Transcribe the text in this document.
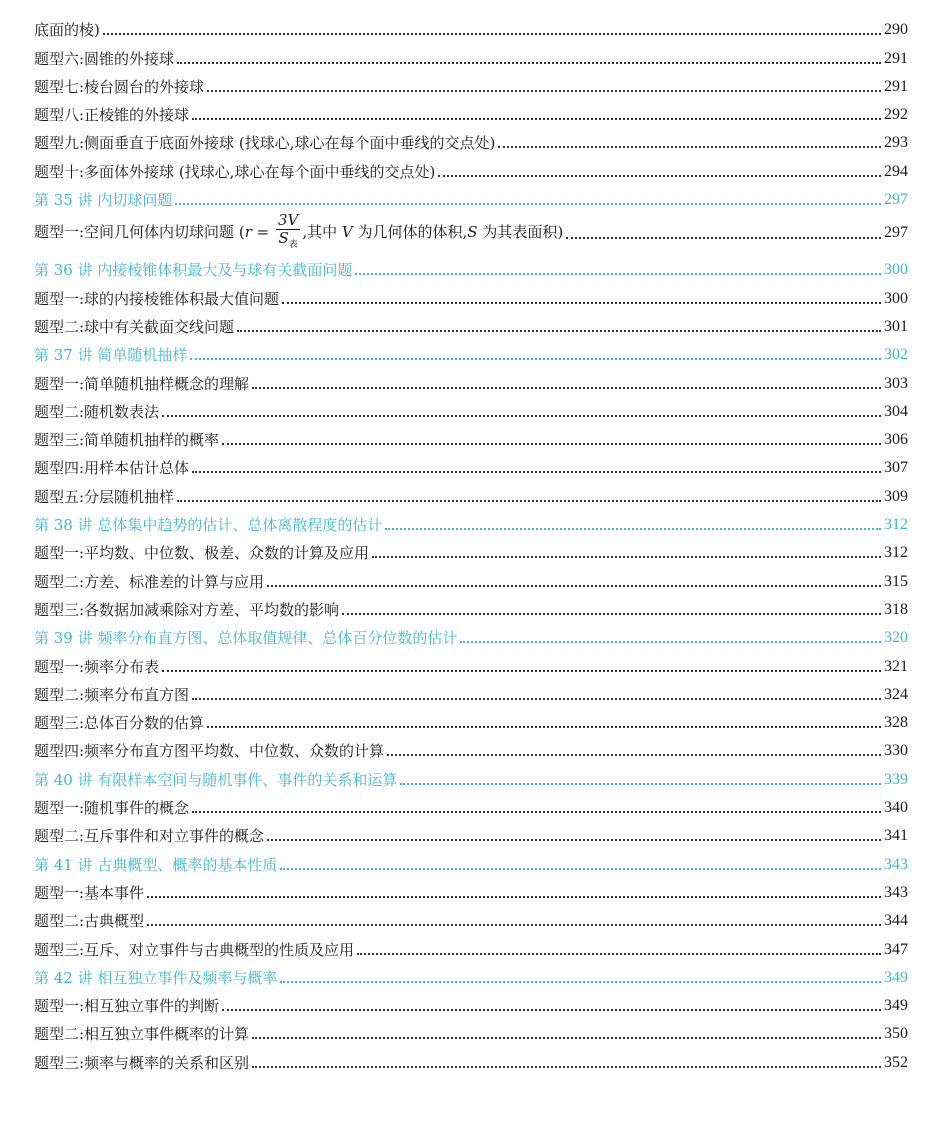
底面的棱)	290
题型六:圆锥的外接球	291
题型七:棱台圆台的外接球	291
题型八:正棱锥的外接球	292
题型九:侧面垂直于底面外接球 (找球心,球心在每个面中垂线的交点处)	293
题型十:多面体外接球 (找球心,球心在每个面中垂线的交点处)	294
第 35 讲 内切球问题	297
题型一:空间几何体内切球问题 ($r = \frac{3V}{S_表}$ ,其中 V 为几何体的体积,S 为其表面积)	297
第 36 讲 内接棱锥体积最大及与球有关截面问题	300
题型一:球的内接棱锥体积最大值问题	300
题型二:球中有关截面交线问题	301
第 37 讲 简单随机抽样	302
题型一:简单随机抽样概念的理解	303
题型二:随机数表法	304
题型三:简单随机抽样的概率	306
题型四:用样本估计总体	307
题型五:分层随机抽样	309
第 38 讲 总体集中趋势的估计、总体离散程度的估计	312
题型一:平均数、中位数、极差、众数的计算及应用	312
题型二:方差、标准差的计算与应用	315
题型三:各数据加减乘除对方差、平均数的影响	318
第 39 讲 频率分布直方图、总体取值规律、总体百分位数的估计	320
题型一:频率分布表	321
题型二:频率分布直方图	324
题型三:总体百分数的估算	328
题型四:频率分布直方图平均数、中位数、众数的计算	330
第 40 讲 有限样本空间与随机事件、事件的关系和运算	339
题型一:随机事件的概念	340
题型二:互斥事件和对立事件的概念	341
第 41 讲 古典概型、概率的基本性质	343
题型一:基本事件	343
题型二:古典概型	344
题型三:互斥、对立事件与古典概型的性质及应用	347
第 42 讲 相互独立事件及频率与概率	349
题型一:相互独立事件的判断	349
题型二:相互独立事件概率的计算	350
题型三:频率与概率的关系和区别	352
